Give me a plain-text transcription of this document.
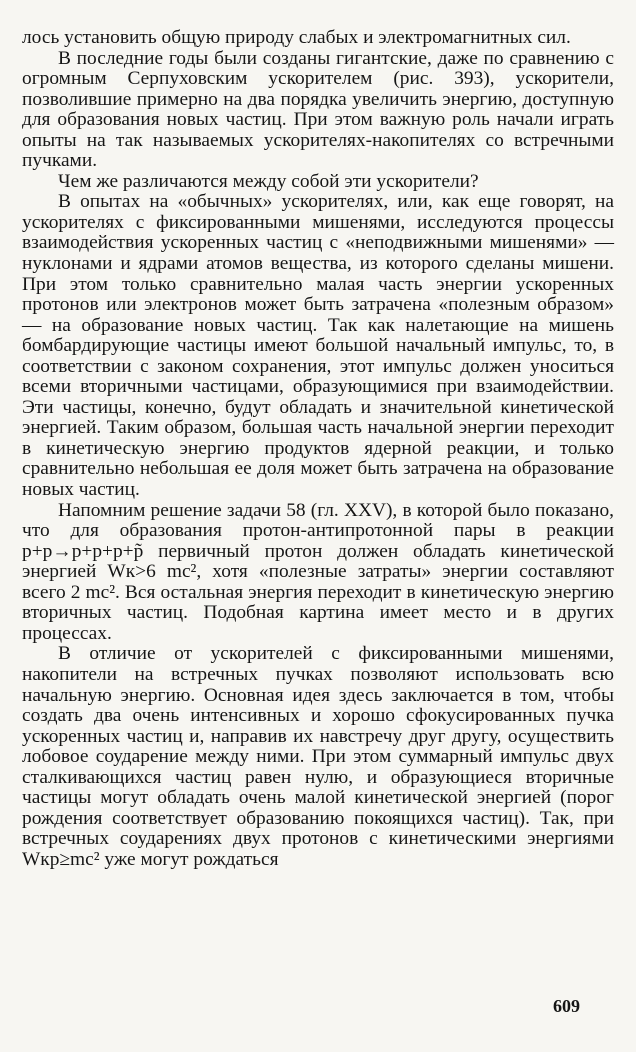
лось установить общую природу слабых и электромагнитных сил.

В последние годы были созданы гигантские, даже по сравнению с огромным Серпуховским ускорителем (рис. 393), ускорители, позволившие примерно на два порядка увеличить энергию, доступную для образования новых частиц. При этом важную роль начали играть опыты на так называемых ускорителях-накопителях со встречными пучками.

Чем же различаются между собой эти ускорители?

В опытах на «обычных» ускорителях, или, как еще говорят, на ускорителях с фиксированными мишенями, исследуются процессы взаимодействия ускоренных частиц с «неподвижными мишенями» — нуклонами и ядрами атомов вещества, из которого сделаны мишени. При этом только сравнительно малая часть энергии ускоренных протонов или электронов может быть затрачена «полезным образом» — на образование новых частиц. Так как налетающие на мишень бомбардирующие частицы имеют большой начальный импульс, то, в соответствии с законом сохранения, этот импульс должен уноситься всеми вторичными частицами, образующимися при взаимодействии. Эти частицы, конечно, будут обладать и значительной кинетической энергией. Таким образом, большая часть начальной энергии переходит в кинетическую энергию продуктов ядерной реакции, и только сравнительно небольшая ее доля может быть затрачена на образование новых частиц.

Напомним решение задачи 58 (гл. XXV), в которой было показано, что для образования протон-антипротонной пары в реакции p+p→p+p+p+p̃ первичный протон должен обладать кинетической энергией Wк>6 mc², хотя «полезные затраты» энергии составляют всего 2 mc². Вся остальная энергия переходит в кинетическую энергию вторичных частиц. Подобная картина имеет место и в других процессах.

В отличие от ускорителей с фиксированными мишенями, накопители на встречных пучках позволяют использовать всю начальную энергию. Основная идея здесь заключается в том, чтобы создать два очень интенсивных и хорошо сфокусированных пучка ускоренных частиц и, направив их навстречу друг другу, осуществить лобовое соударение между ними. При этом суммарный импульс двух сталкивающихся частиц равен нулю, и образующиеся вторичные частицы могут обладать очень малой кинетической энергией (порог рождения соответствует образованию покоящихся частиц). Так, при встречных соударениях двух протонов с кинетическими энергиями Wкр≥mc² уже могут рождаться

609
